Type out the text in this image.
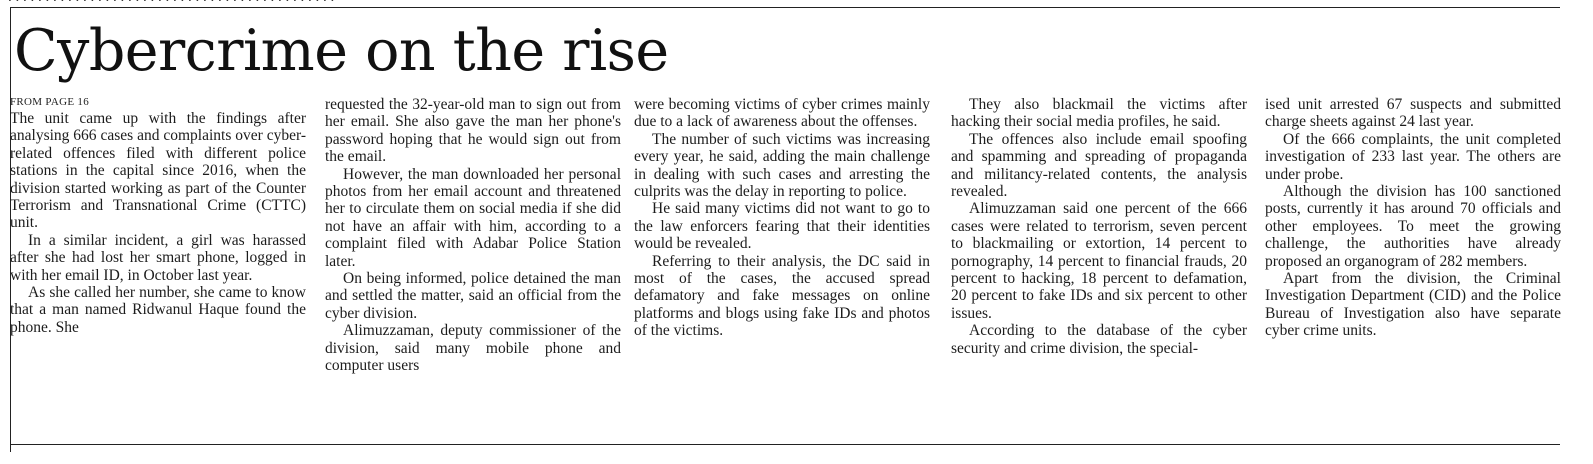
Cybercrime on the rise
FROM PAGE 16

The unit came up with the findings after analysing 666 cases and complaints over cyber-related offences filed with different police stations in the capital since 2016, when the division started working as part of the Counter Terrorism and Transnational Crime (CTTC) unit.

In a similar incident, a girl was harassed after she had lost her smart phone, logged in with her email ID, in October last year.

As she called her number, she came to know that a man named Ridwanul Haque found the phone. She

requested the 32-year-old man to sign out from her email. She also gave the man her phone's password hoping that he would sign out from the email.

However, the man downloaded her personal photos from her email account and threatened her to circulate them on social media if she did not have an affair with him, according to a complaint filed with Adabar Police Station later.

On being informed, police detained the man and settled the matter, said an official from the cyber division.

Alimuzzaman, deputy commissioner of the division, said many mobile phone and computer users

were becoming victims of cyber crimes mainly due to a lack of awareness about the offenses.

The number of such victims was increasing every year, he said, adding the main challenge in dealing with such cases and arresting the culprits was the delay in reporting to police.

He said many victims did not want to go to the law enforcers fearing that their identities would be revealed.

Referring to their analysis, the DC said in most of the cases, the accused spread defamatory and fake messages on online platforms and blogs using fake IDs and photos of the victims.

They also blackmail the victims after hacking their social media profiles, he said.

The offences also include email spoofing and spamming and spreading of propaganda and militancy-related contents, the analysis revealed.

Alimuzzaman said one percent of the 666 cases were related to terrorism, seven percent to blackmailing or extortion, 14 percent to pornography, 14 percent to financial frauds, 20 percent to hacking, 18 percent to defamation, 20 percent to fake IDs and six percent to other issues.

According to the database of the cyber security and crime division, the special-

ised unit arrested 67 suspects and submitted charge sheets against 24 last year.

Of the 666 complaints, the unit completed investigation of 233 last year. The others are under probe.

Although the division has 100 sanctioned posts, currently it has around 70 officials and other employees. To meet the growing challenge, the authorities have already proposed an organogram of 282 members.

Apart from the division, the Criminal Investigation Department (CID) and the Police Bureau of Investigation also have separate cyber crime units.
